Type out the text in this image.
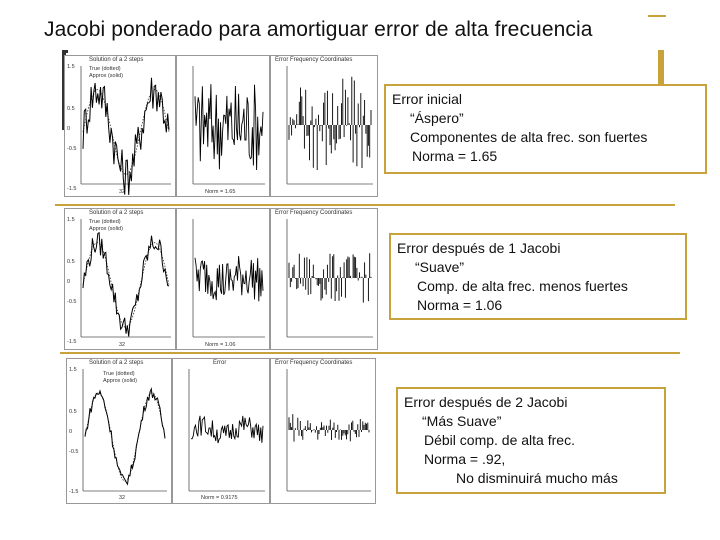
Jacobi ponderado para amortiguar error de alta frecuencia
Solution of a 2 steps
True (dotted)
Approx (solid)
1.5
0.5
0
-0.5
-1.5	32	Norm = 1.65
Error Frequency Coordinates
Error inicial
“Áspero”
Componentes de alta frec. son fuertes
Norma = 1.65
Solution of a 2 steps
True (dotted)
Approx (solid)
1.5
0.5
0
-0.5
-1.5	32	Norm = 1.06
Error Frequency Coordinates
Error después de 1 Jacobi
“Suave”
Comp. de alta frec. menos fuertes
Norma = 1.06
Solution of a 2 steps
True (dotted)
Approx (solid)
1.5
0.5
0
-0.5
-1.5
32
Error
Norm = 0.9175
Error Frequency Coordinates
Error después de 2 Jacobi
“Más Suave”
Débil comp. de alta frec.
Norma = .92,
No disminuirá mucho más
